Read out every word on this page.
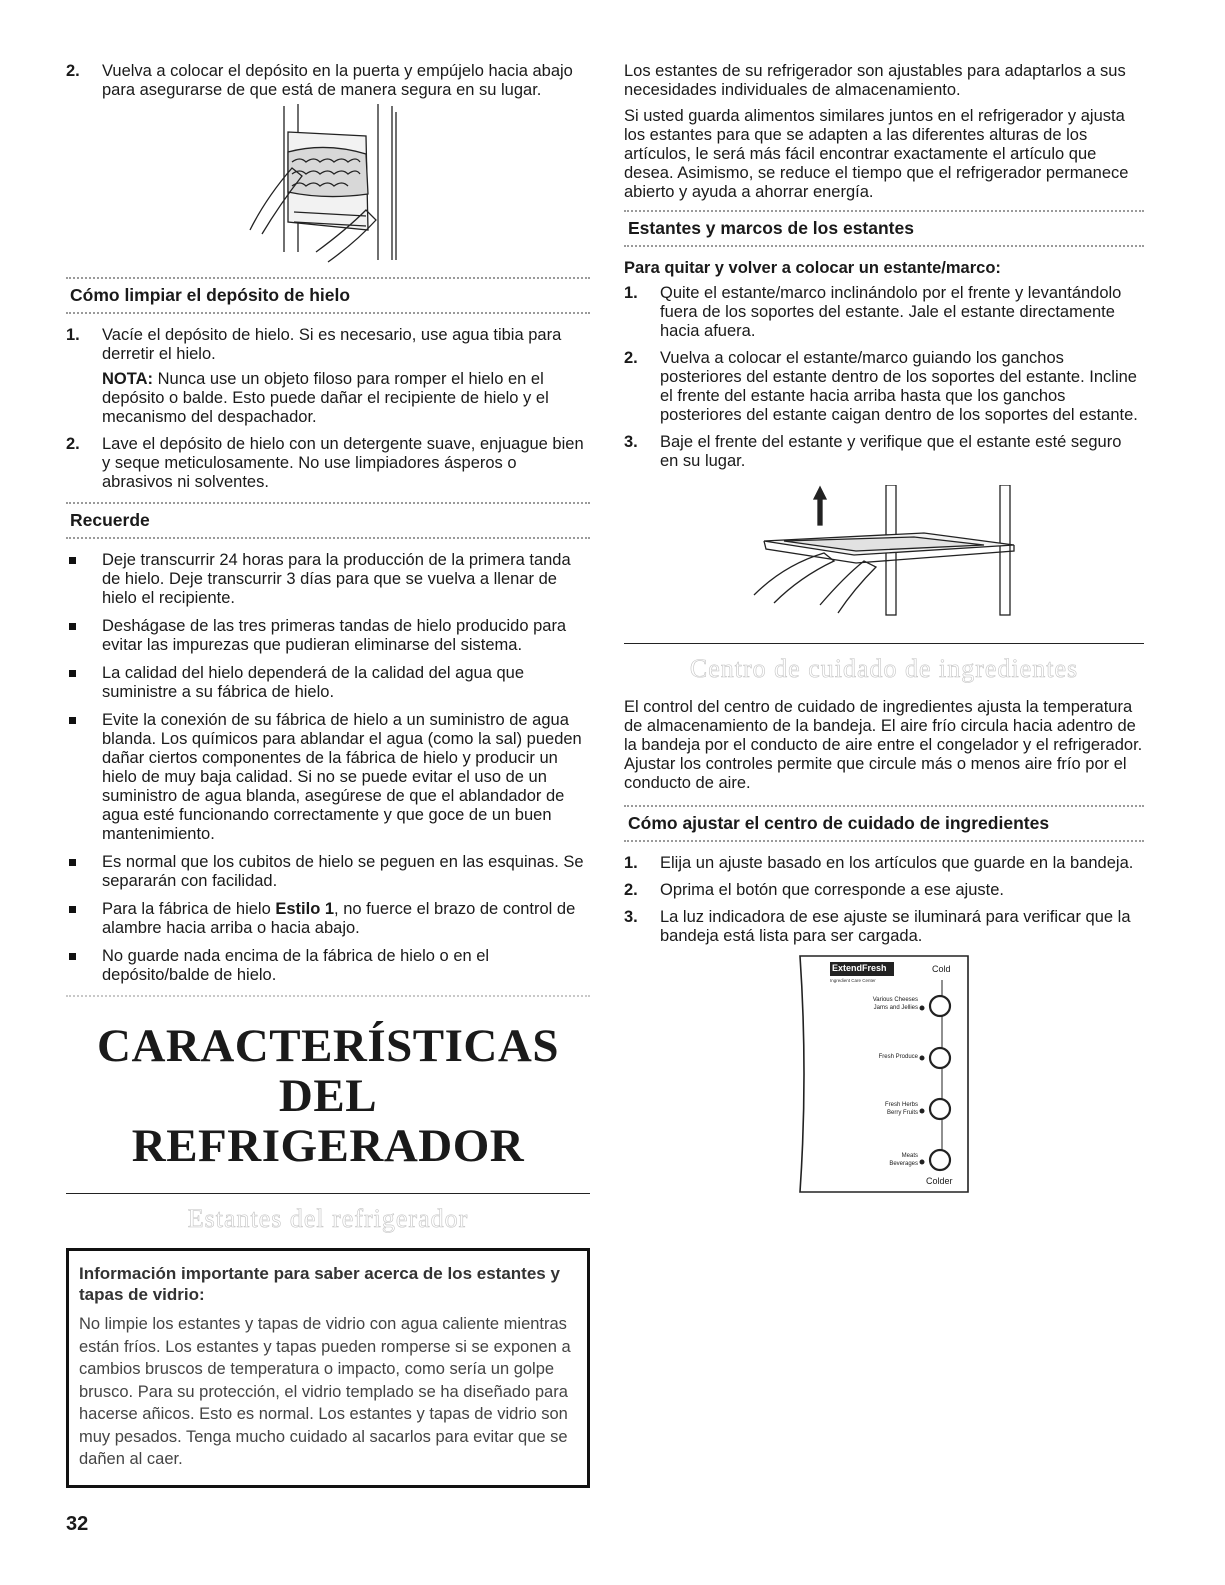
2.	Vuelva a colocar el depósito en la puerta y empújelo hacia abajo para asegurarse de que está de manera segura en su lugar.

Cómo limpiar el depósito de hielo
1.	Vacíe el depósito de hielo. Si es necesario, use agua tibia para derretir el hielo.

NOTA: Nunca use un objeto filoso para romper el hielo en el depósito o balde. Esto puede dañar el recipiente de hielo y el mecanismo del despachador.

2.	Lave el depósito de hielo con un detergente suave, enjuague bien y seque meticulosamente. No use limpiadores ásperos o abrasivos ni solventes.

Recuerde

Deje transcurrir 24 horas para la producción de la primera tanda de hielo. Deje transcurrir 3 días para que se vuelva a llenar de hielo el recipiente.

Deshágase de las tres primeras tandas de hielo producido para evitar las impurezas que pudieran eliminarse del sistema.

La calidad del hielo dependerá de la calidad del agua que suministre a su fábrica de hielo.

Evite la conexión de su fábrica de hielo a un suministro de agua blanda. Los químicos para ablandar el agua (como la sal) pueden dañar ciertos componentes de la fábrica de hielo y producir un hielo de muy baja calidad. Si no se puede evitar el uso de un suministro de agua blanda, asegúrese de que el ablandador de agua esté funcionando correctamente y que goce de un buen mantenimiento.

Es normal que los cubitos de hielo se peguen en las esquinas. Se separarán con facilidad.

Para la fábrica de hielo Estilo 1, no fuerce el brazo de control de alambre hacia arriba o hacia abajo.

No guarde nada encima de la fábrica de hielo o en el depósito/balde de hielo.

CARACTERÍSTICAS DEL
REFRIGERADOR
Estantes del refrigerador
Información importante para saber acerca de los estantes y tapas de vidrio:

No limpie los estantes y tapas de vidrio con agua caliente mientras están fríos. Los estantes y tapas pueden romperse si se exponen a cambios bruscos de temperatura o impacto, como sería un golpe brusco. Para su protección, el vidrio templado se ha diseñado para hacerse añicos. Esto es normal. Los estantes y tapas de vidrio son muy pesados. Tenga mucho cuidado al sacarlos para evitar que se dañen al caer.

Los estantes de su refrigerador son ajustables para adaptarlos a sus necesidades individuales de almacenamiento.

Si usted guarda alimentos similares juntos en el refrigerador y ajusta los estantes para que se adapten a las diferentes alturas de los artículos, le será más fácil encontrar exactamente el artículo que desea. Asimismo, se reduce el tiempo que el refrigerador permanece abierto y ayuda a ahorrar energía.

Estantes y marcos de los estantes
Para quitar y volver a colocar un estante/marco:
1.	Quite el estante/marco inclinándolo por el frente y levantándolo fuera de los soportes del estante. Jale el estante directamente hacia afuera.

2.	Vuelva a colocar el estante/marco guiando los ganchos posteriores del estante dentro de los soportes del estante. Incline el frente del estante hacia arriba hasta que los ganchos posteriores del estante caigan dentro de los soportes del estante.

3.	Baje el frente del estante y verifique que el estante esté seguro en su lugar.

Centro de cuidado de ingredientes

El control del centro de cuidado de ingredientes ajusta la temperatura de almacenamiento de la bandeja. El aire frío circula hacia adentro de la bandeja por el conducto de aire entre el congelador y el refrigerador. Ajustar los controles permite que circule más o menos aire frío por el conducto de aire.

Cómo ajustar el centro de cuidado de ingredientes
1.	Elija un ajuste basado en los artículos que guarde en la bandeja.

2.	Oprima el botón que corresponde a ese ajuste.

3.	La luz indicadora de ese ajuste se iluminará para verificar que la bandeja está lista para ser cargada.

ExtendFresh
Ingredient Care Center
Cold
Colder
Various Cheeses
Jams and Jellies
Fresh Produce
Fresh Herbs
Berry Fruits
Meats
Beverages
32
